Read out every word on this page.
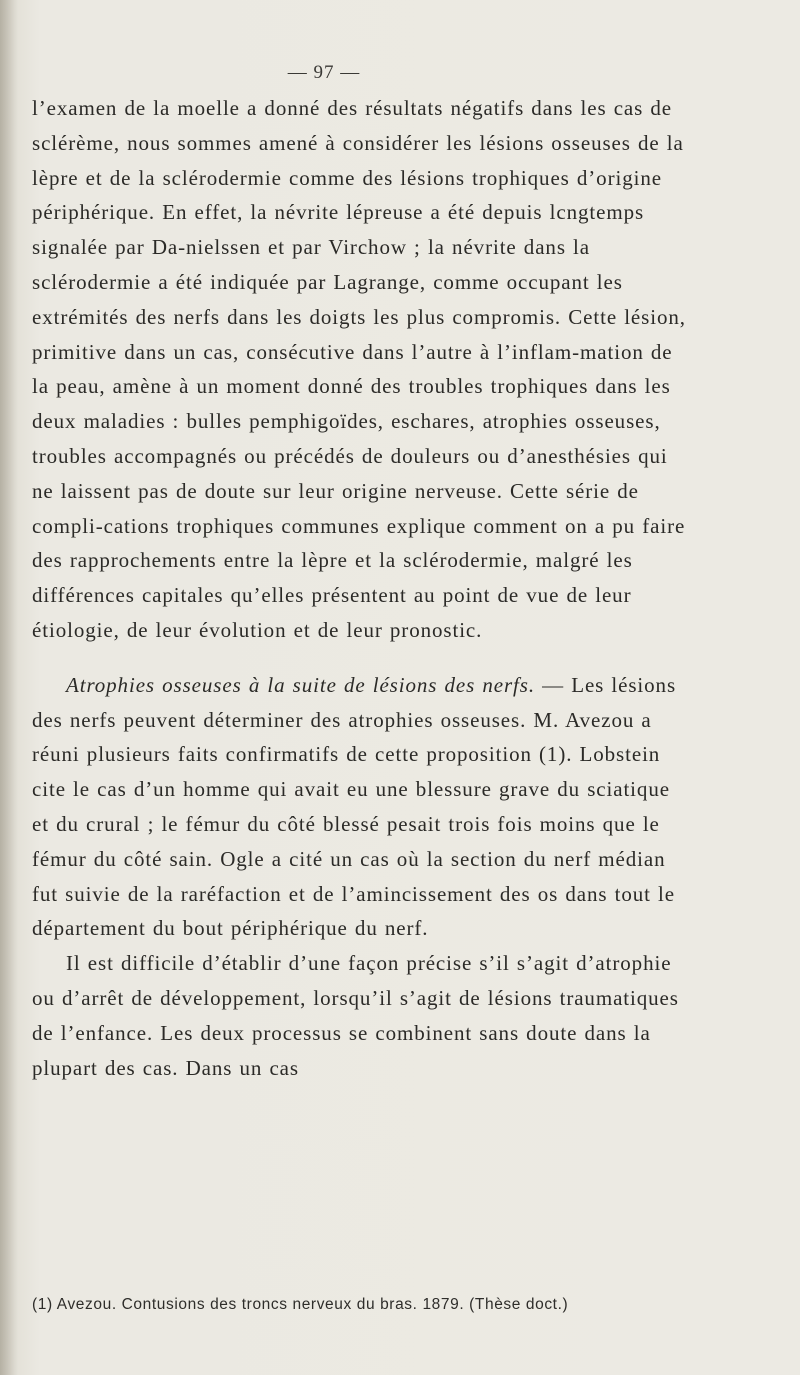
— 97 —

l’examen de la moelle a donné des résultats négatifs dans les cas de sclérème, nous sommes amené à considérer les lésions osseuses de la lèpre et de la sclérodermie comme des lésions trophiques d’origine périphérique. En effet, la névrite lépreuse a été depuis lcngtemps signalée par Da-nielssen et par Virchow ; la névrite dans la sclérodermie a été indiquée par Lagrange, comme occupant les extrémités des nerfs dans les doigts les plus compromis. Cette lésion, primitive dans un cas, consécutive dans l’autre à l’inflam-mation de la peau, amène à un moment donné des troubles trophiques dans les deux maladies : bulles pemphigoïdes, eschares, atrophies osseuses, troubles accompagnés ou précédés de douleurs ou d’anesthésies qui ne laissent pas de doute sur leur origine nerveuse. Cette série de compli-cations trophiques communes explique comment on a pu faire des rapprochements entre la lèpre et la sclérodermie, malgré les différences capitales qu’elles présentent au point de vue de leur étiologie, de leur évolution et de leur pronostic.

Atrophies osseuses à la suite de lésions des nerfs. — Les lésions des nerfs peuvent déterminer des atrophies osseuses. M. Avezou a réuni plusieurs faits confirmatifs de cette proposition (1). Lobstein cite le cas d’un homme qui avait eu une blessure grave du sciatique et du crural ; le fémur du côté blessé pesait trois fois moins que le fémur du côté sain. Ogle a cité un cas où la section du nerf médian fut suivie de la raréfaction et de l’amincissement des os dans tout le département du bout périphérique du nerf.

Il est difficile d’établir d’une façon précise s’il s’agit d’atrophie ou d’arrêt de développement, lorsqu’il s’agit de lésions traumatiques de l’enfance. Les deux processus se combinent sans doute dans la plupart des cas. Dans un cas

(1) Avezou. Contusions des troncs nerveux du bras. 1879. (Thèse doct.)
